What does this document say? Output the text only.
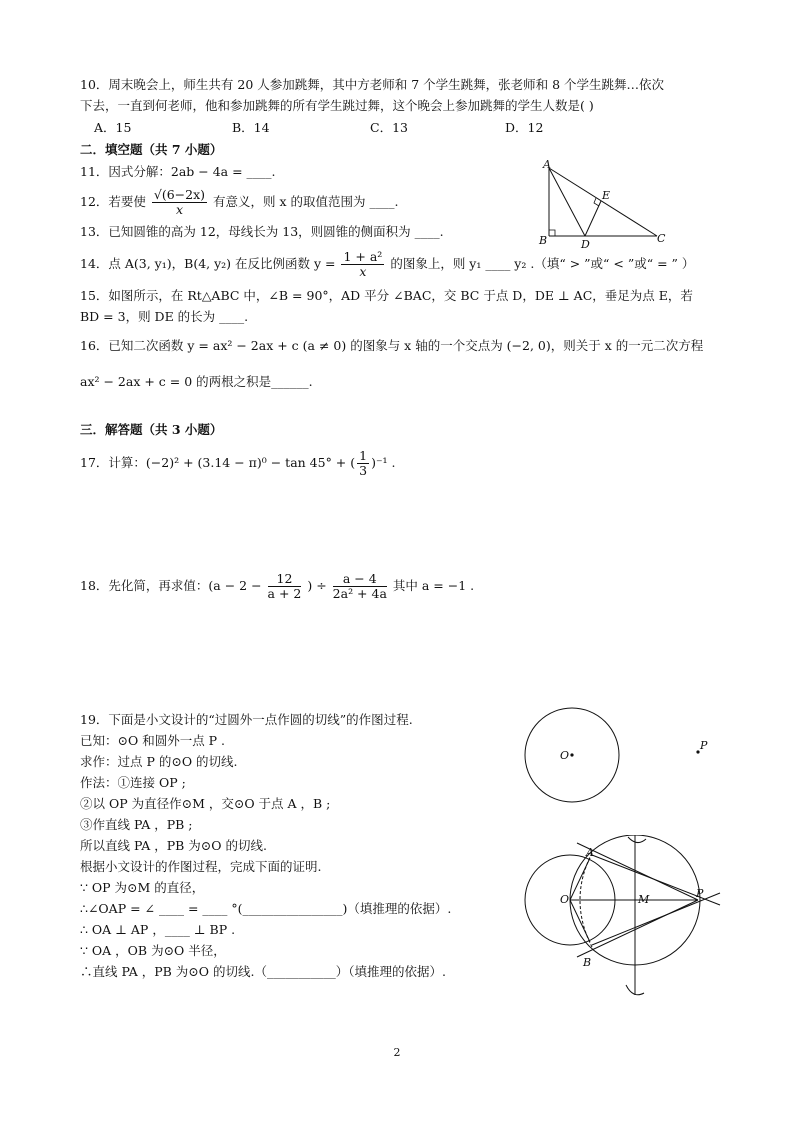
10．周末晚会上，师生共有 20 人参加跳舞，其中方老师和 7 个学生跳舞，张老师和 8 个学生跳舞…依次
下去，一直到何老师，他和参加跳舞的所有学生跳过舞，这个晚会上参加跳舞的学生人数是( )
A．15	B．14	C．13	D．12
二．填空题（共 7 小题）
11．因式分解：2ab − 4a = ____.
12．若要使 $\frac{√(6-2x)}{x}$ 有意义，则 x 的取值范围为 ____.
13．已知圆锥的高为 12，母线长为 13，则圆锥的侧面积为 ____.
14．点 A(3, y₁)，B(4, y₂) 在反比例函数 $y = \frac{\text{1 + a²}}{x}$ 的图象上，则 y₁ ____ y₂ .（填“ > ”或“ < ”或“ = ” ）
15．如图所示，在 Rt△ABC 中，∠B = 90°，AD 平分 ∠BAC，交 BC 于点 D，DE ⊥ AC，垂足为点 E，若
BD = 3，则 DE 的长为 ____.
16．已知二次函数 y = ax² − 2ax + c (a ≠ 0) 的图象与 x 轴的一个交点为 (−2, 0)，则关于 x 的一元二次方程
ax² − 2ax + c = 0 的两根之积是______.
三．解答题（共 3 小题）
17．计算：(−2)² + (3.14 − π)⁰ − tan 45° + ( $\frac{1}{3} )^{-1}$ .
18．先化简，再求值：($a - 2 - \frac{12}{a + 2}$ ) ÷ $\frac{a - 4}{\text{2a² + 4a}}$ 其中 a = −1 .
19．下面是小文设计的“过圆外一点作圆的切线”的作图过程.
已知：⊙O 和圆外一点 P .
求作：过点 P 的⊙O 的切线.
作法：①连接 OP ;
②以 OP 为直径作⊙M ，交⊙O 于点 A ，B ;
③作直线 PA ，PB ;
所以直线 PA ，PB 为⊙O 的切线.
根据小文设计的作图过程，完成下面的证明.
∵ OP 为⊙M 的直径，
∴∠OAP = ∠ ____ = ____ °(________________)（填推理的依据）.
∴ OA ⊥ AP ，____ ⊥ BP .
∵ OA ，OB 为⊙O 半径，
∴直线 PA ，PB 为⊙O 的切线.（___________）（填推理的依据）.
A
B	C
D
E
O
P
A
B
O	M	P
2
